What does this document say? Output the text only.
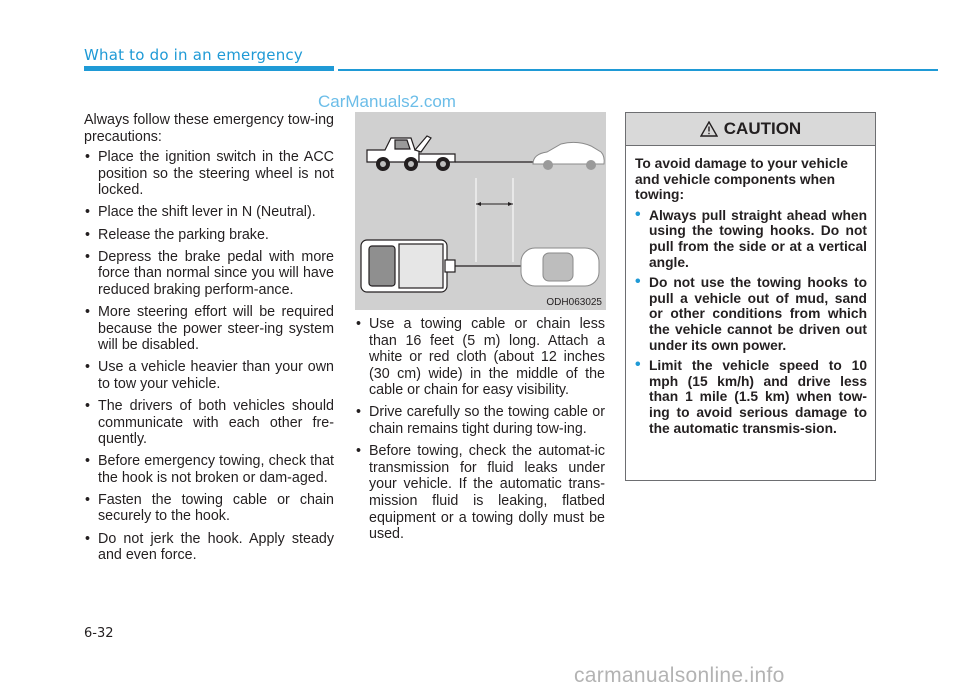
What to do in an emergency
CarManuals2.com

Always follow these emergency tow-ing precautions:

• Place the ignition switch in the ACC position so the steering wheel is not locked.
• Place the shift lever in N (Neutral).
• Release the parking brake.
• Depress the brake pedal with more force than normal since you will have reduced braking perform-ance.
• More steering effort will be required because the power steer-ing system will be disabled.
• Use a vehicle heavier than your own to tow your vehicle.
• The drivers of both vehicles should communicate with each other fre-quently.
• Before emergency towing, check that the hook is not broken or dam-aged.
• Fasten the towing cable or chain securely to the hook.
• Do not jerk the hook. Apply steady and even force.
ODH063025
• Use a towing cable or chain less than 16 feet (5 m) long. Attach a white or red cloth (about 12 inches (30 cm) wide) in the middle of the cable or chain for easy visibility.
• Drive carefully so the towing cable or chain remains tight during tow-ing.
• Before towing, check the automat-ic transmission for fluid leaks under your vehicle. If the automatic trans-mission fluid is leaking, flatbed equipment or a towing dolly must be used.
CAUTION

To avoid damage to your vehicle and vehicle components when towing:

• Always pull straight ahead when using the towing hooks. Do not pull from the side or at a vertical angle.
• Do not use the towing hooks to pull a vehicle out of mud, sand or other conditions from which the vehicle cannot be driven out under its own power.
• Limit the vehicle speed to 10 mph (15 km/h) and drive less than 1 mile (1.5 km) when tow-ing to avoid serious damage to the automatic transmis-sion.
6-32
carmanualsonline.info
